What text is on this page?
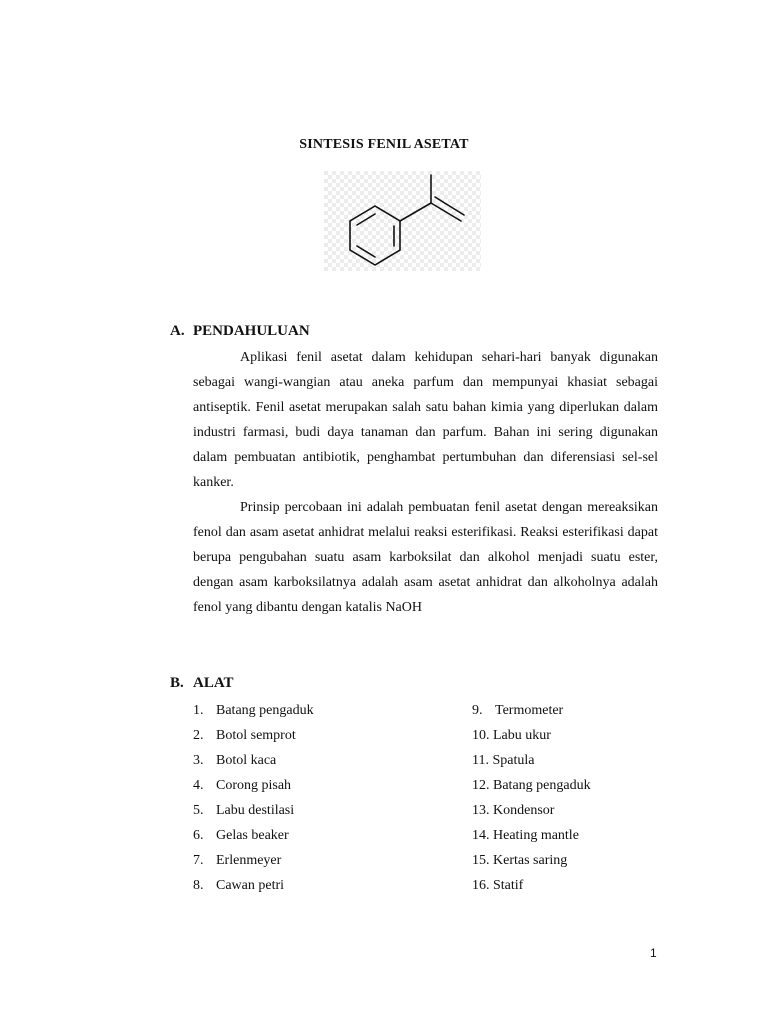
SINTESIS FENIL ASETAT
A. PENDAHULUAN
Aplikasi fenil asetat dalam kehidupan sehari-hari banyak digunakan sebagai wangi-wangian atau aneka parfum dan mempunyai khasiat sebagai antiseptik. Fenil asetat merupakan salah satu bahan kimia yang diperlukan dalam industri farmasi, budi daya tanaman dan parfum. Bahan ini sering digunakan dalam pembuatan antibiotik, penghambat pertumbuhan dan diferensiasi sel-sel kanker.
Prinsip percobaan ini adalah pembuatan fenil asetat dengan mereaksikan fenol dan asam asetat anhidrat melalui reaksi esterifikasi. Reaksi esterifikasi dapat berupa pengubahan suatu asam karboksilat dan alkohol menjadi suatu ester, dengan asam karboksilatnya adalah asam asetat anhidrat dan alkoholnya adalah fenol yang dibantu dengan katalis NaOH
B. ALAT
1. Batang pengaduk
2. Botol semprot
3. Botol kaca
4. Corong pisah
5. Labu destilasi
6. Gelas beaker
7. Erlenmeyer
8. Cawan petri
9. Termometer
10. Labu ukur
11. Spatula
12. Batang pengaduk
13. Kondensor
14. Heating mantle
15. Kertas saring
16. Statif
1
